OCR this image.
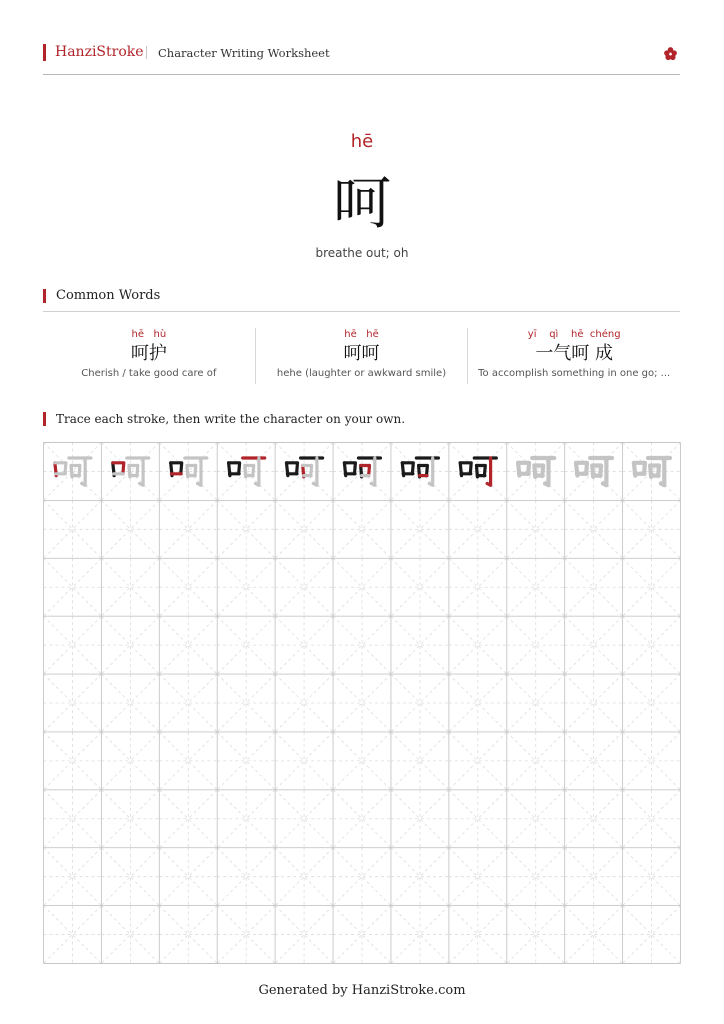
HanziStroke Character Writing Worksheet
hē
呵
breathe out; oh
Common Words
hē   hù
呵护
Cherish / take good care of
hē   hē
呵呵
hehe (laughter or awkward smile)
yī    qì    hē  chéng
一气呵 成
To accomplish something in one go; ...
Trace each stroke, then write the character on your own.
Generated by HanziStroke.com
